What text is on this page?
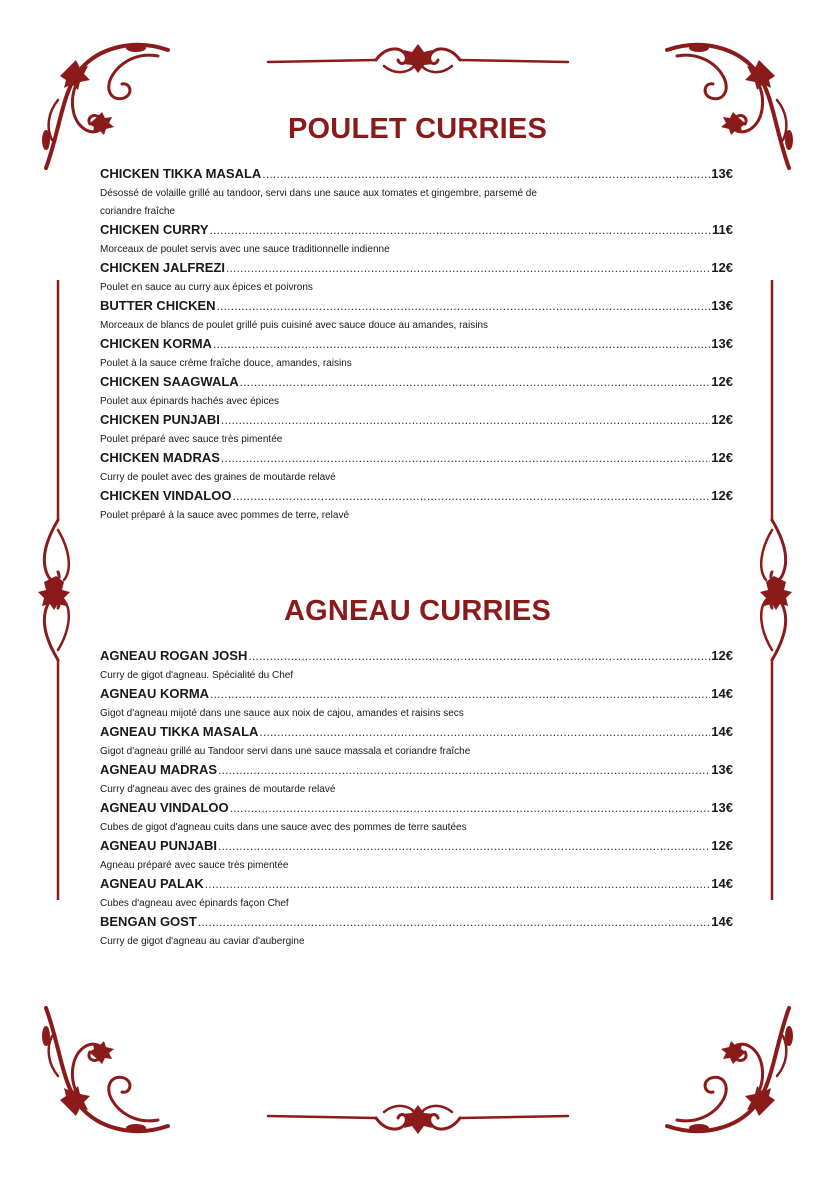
POULET CURRIES
CHICKEN TIKKA MASALA .....	13€
Désossé de volaille grillé au tandoor, servi dans une sauce aux tomates et gingembre, parsemé de coriandre fraîche
CHICKEN CURRY .....	11€
Morceaux de poulet servis avec une sauce traditionnelle indienne
CHICKEN JALFREZI .....	12€
Poulet en sauce au curry aux épices et poivrons
BUTTER CHICKEN .....	13€
Morceaux de blancs de poulet grillé puis cuisiné avec sauce douce au amandes, raisins
CHICKEN KORMA .....	13€
Poulet à la sauce crème fraîche douce, amandes, raisins
CHICKEN SAAGWALA .....	12€
Poulet aux épinards hachés avec épices
CHICKEN PUNJABI .....	12€
Poulet préparé avec sauce très pimentée
CHICKEN MADRAS .....	12€
Curry de poulet avec des graines de moutarde relavé
CHICKEN VINDALOO .....	12€
Poulet préparé à la sauce avec pommes de terre, relavé
AGNEAU CURRIES
AGNEAU ROGAN JOSH .....	12€
Curry de gigot d'agneau. Spécialité du Chef
AGNEAU KORMA .....	14€
Gigot d'agneau mijoté dans une sauce aux noix de cajou, amandes et raisins secs
AGNEAU TIKKA MASALA .....	14€
Gigot d'agneau grillé au Tandoor servi dans une sauce massala et coriandre fraîche
AGNEAU MADRAS .....	13€
Curry d'agneau avec des graines de moutarde relavé
AGNEAU VINDALOO .....	13€
Cubes de gigot d'agneau cuits dans une sauce avec des pommes de terre sautées
AGNEAU PUNJABI .....	12€
Agneau préparé avec sauce très pimentée
AGNEAU PALAK .....	14€
Cubes d'agneau avec épinards façon Chef
BENGAN GOST .....	14€
Curry de gigot d'agneau au caviar d'aubergine
